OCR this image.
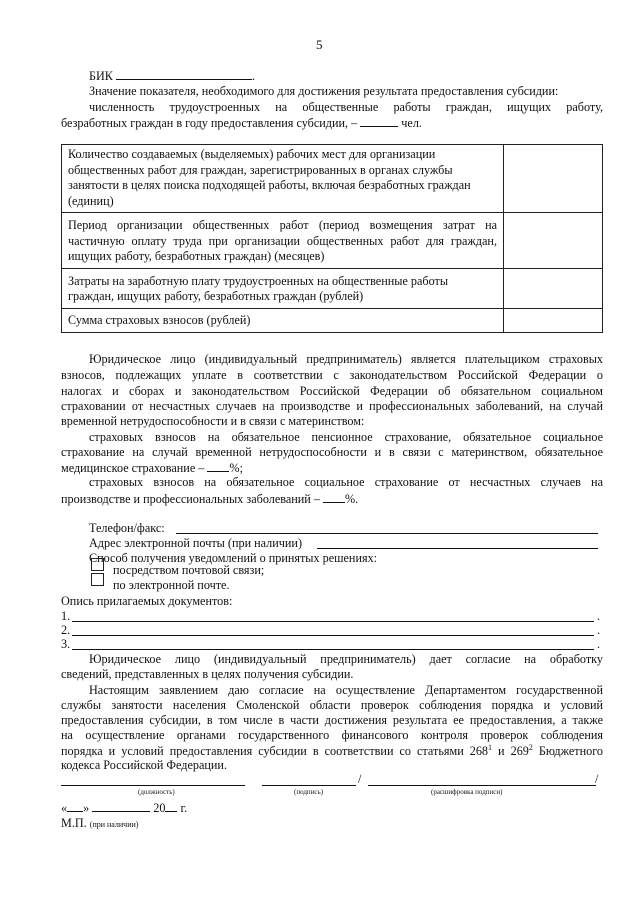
5
БИК	.
Значение показателя, необходимого для достижения результата предоставления субсидии:
численность трудоустроенных на общественные работы граждан, ищущих работу,
безработных граждан в году предоставления субсидии, –	чел.
Количество создаваемых (выделяемых) рабочих мест для организации
общественных работ для граждан, зарегистрированных в органах службы
занятости в целях поиска подходящей работы, включая безработных граждан
(единиц)	

Период организации общественных работ (период возмещения затрат на
частичную оплату труда при организации общественных работ для граждан,
ищущих работу, безработных граждан) (месяцев)	

Затраты на заработную плату трудоустроенных на общественные работы
граждан, ищущих работу, безработных граждан (рублей)	

Сумма страховых взносов (рублей)	

Юридическое лицо (индивидуальный предприниматель) является плательщиком страховых
взносов, подлежащих уплате в соответствии с законодательством Российской Федерации о
налогах и сборах и законодательством Российской Федерации об обязательном социальном
страховании от несчастных случаев на производстве и профессиональных заболеваний, на случай
временной нетрудоспособности и в связи с материнством:
страховых взносов на обязательное пенсионное страхование, обязательное социальное
страхование на случай временной нетрудоспособности и в связи с материнством, обязательное
медицинское страхование – %;
страховых взносов на обязательное социальное страхование от несчастных случаев на
производстве и профессиональных заболеваний – %.
Телефон/факс:
Адрес электронной почты (при наличии)
Способ получения уведомлений о принятых решениях:
посредством почтовой связи;
по электронной почте.
Опись прилагаемых документов:
1.	.
2.	.
3.	.
Юридическое лицо (индивидуальный предприниматель) дает согласие на обработку
сведений, представленных в целях получения субсидии.
Настоящим заявлением даю согласие на осуществление Департаментом государственной
службы занятости населения Смоленской области проверок соблюдения порядка и условий
предоставления субсидии, в том числе в части достижения результата ее предоставления, а также
на осуществление органами государственного финансового контроля проверок соблюдения
порядка и условий предоставления субсидии в соответствии со статьями $268^1$ и $269^2$ Бюджетного
кодекса Российской Федерации.
/	/
(должность)	(подпись)	(расшифровка подписи)
« »	20 г.
М.П. (при наличии)
